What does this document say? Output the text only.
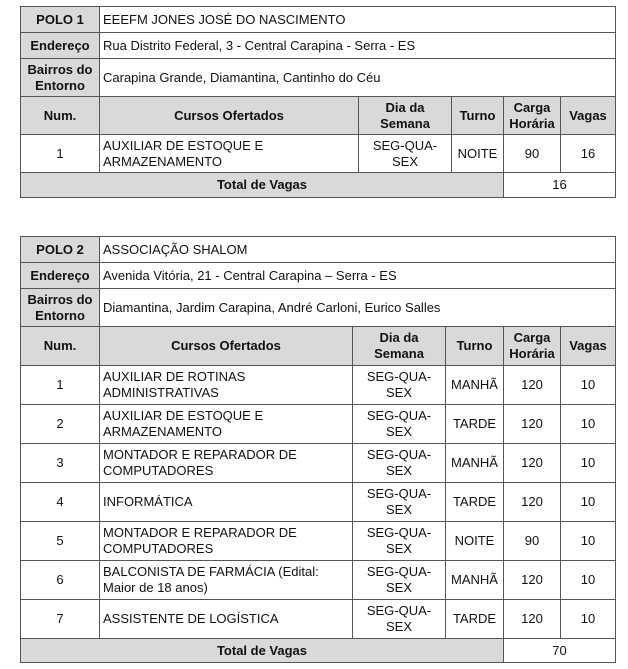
POLO 1	EEEFM JONES JOSÉ DO NASCIMENTO				
Endereço	Rua Distrito Federal, 3 - Central Carapina - Serra - ES				
Bairros do Entorno	Carapina Grande, Diamantina, Cantinho do Céu				
Num.	Cursos Ofertados	Dia da Semana	Turno	Carga Horária	Vagas
1	AUXILIAR DE ESTOQUE E ARMAZENAMENTO	SEG-QUA-SEX	NOITE	90	16
Total de Vagas				16	
POLO 2	ASSOCIAÇÃO SHALOM				
Endereço	Avenida Vitória, 21 - Central Carapina – Serra - ES				
Bairros do Entorno	Diamantina, Jardim Carapina, André Carloni, Eurico Salles				
Num.	Cursos Ofertados	Dia da Semana	Turno	Carga Horária	Vagas
1	AUXILIAR DE ROTINAS ADMINISTRATIVAS	SEG-QUA-SEX	MANHÃ	120	10
2	AUXILIAR DE ESTOQUE E ARMAZENAMENTO	SEG-QUA-SEX	TARDE	120	10
3	MONTADOR E REPARADOR DE COMPUTADORES	SEG-QUA-SEX	MANHÃ	120	10
4	INFORMÁTICA	SEG-QUA-SEX	TARDE	120	10
5	MONTADOR E REPARADOR DE COMPUTADORES	SEG-QUA-SEX	NOITE	90	10
6	BALCONISTA DE FARMÁCIA (Edital: Maior de 18 anos)	SEG-QUA-SEX	MANHÃ	120	10
7	ASSISTENTE DE LOGÍSTICA	SEG-QUA-SEX	TARDE	120	10
Total de Vagas				70	
